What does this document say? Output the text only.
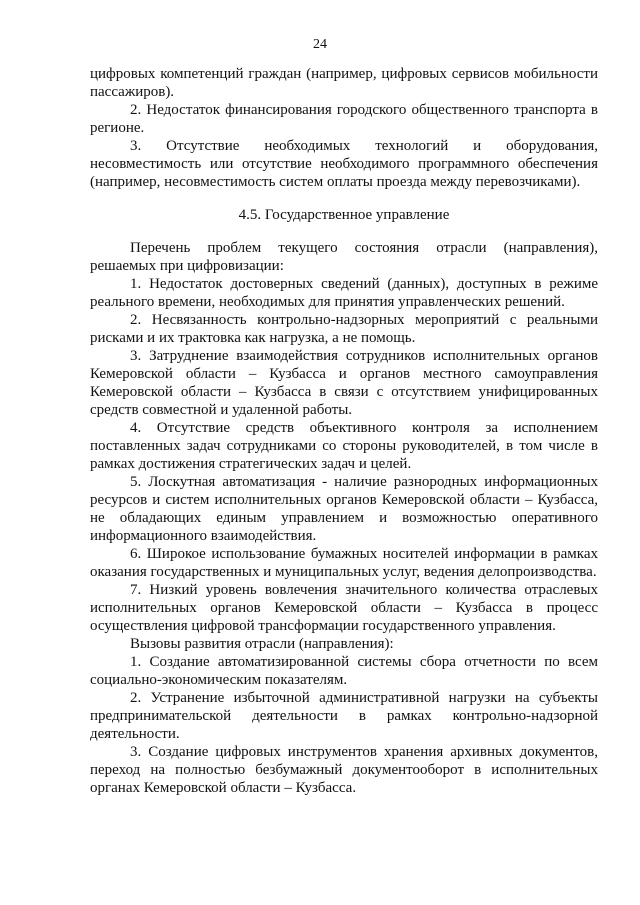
24

цифровых компетенций граждан (например, цифровых сервисов мобильности пассажиров).

2. Недостаток финансирования городского общественного транспорта в регионе.

3. Отсутствие необходимых технологий и оборудования, несовместимость или отсутствие необходимого программного обеспечения (например, несовместимость систем оплаты проезда между перевозчиками).

4.5. Государственное управление

Перечень проблем текущего состояния отрасли (направления), решаемых при цифровизации:

1. Недостаток достоверных сведений (данных), доступных в режиме реального времени, необходимых для принятия управленческих решений.

2. Несвязанность контрольно-надзорных мероприятий с реальными рисками и их трактовка как нагрузка, а не помощь.

3. Затруднение взаимодействия сотрудников исполнительных органов Кемеровской области – Кузбасса и органов местного самоуправления Кемеровской области – Кузбасса в связи с отсутствием унифицированных средств совместной и удаленной работы.

4. Отсутствие средств объективного контроля за исполнением поставленных задач сотрудниками со стороны руководителей, в том числе в рамках достижения стратегических задач и целей.

5. Лоскутная автоматизация - наличие разнородных информационных ресурсов и систем исполнительных органов Кемеровской области – Кузбасса, не обладающих единым управлением и возможностью оперативного информационного взаимодействия.

6. Широкое использование бумажных носителей информации в рамках оказания государственных и муниципальных услуг, ведения делопроизводства.

7. Низкий уровень вовлечения значительного количества отраслевых исполнительных органов Кемеровской области – Кузбасса в процесс осуществления цифровой трансформации государственного управления.

Вызовы развития отрасли (направления):

1. Создание автоматизированной системы сбора отчетности по всем социально-экономическим показателям.

2. Устранение избыточной административной нагрузки на субъекты предпринимательской деятельности в рамках контрольно-надзорной деятельности.

3. Создание цифровых инструментов хранения архивных документов, переход на полностью безбумажный документооборот в исполнительных органах Кемеровской области – Кузбасса.
